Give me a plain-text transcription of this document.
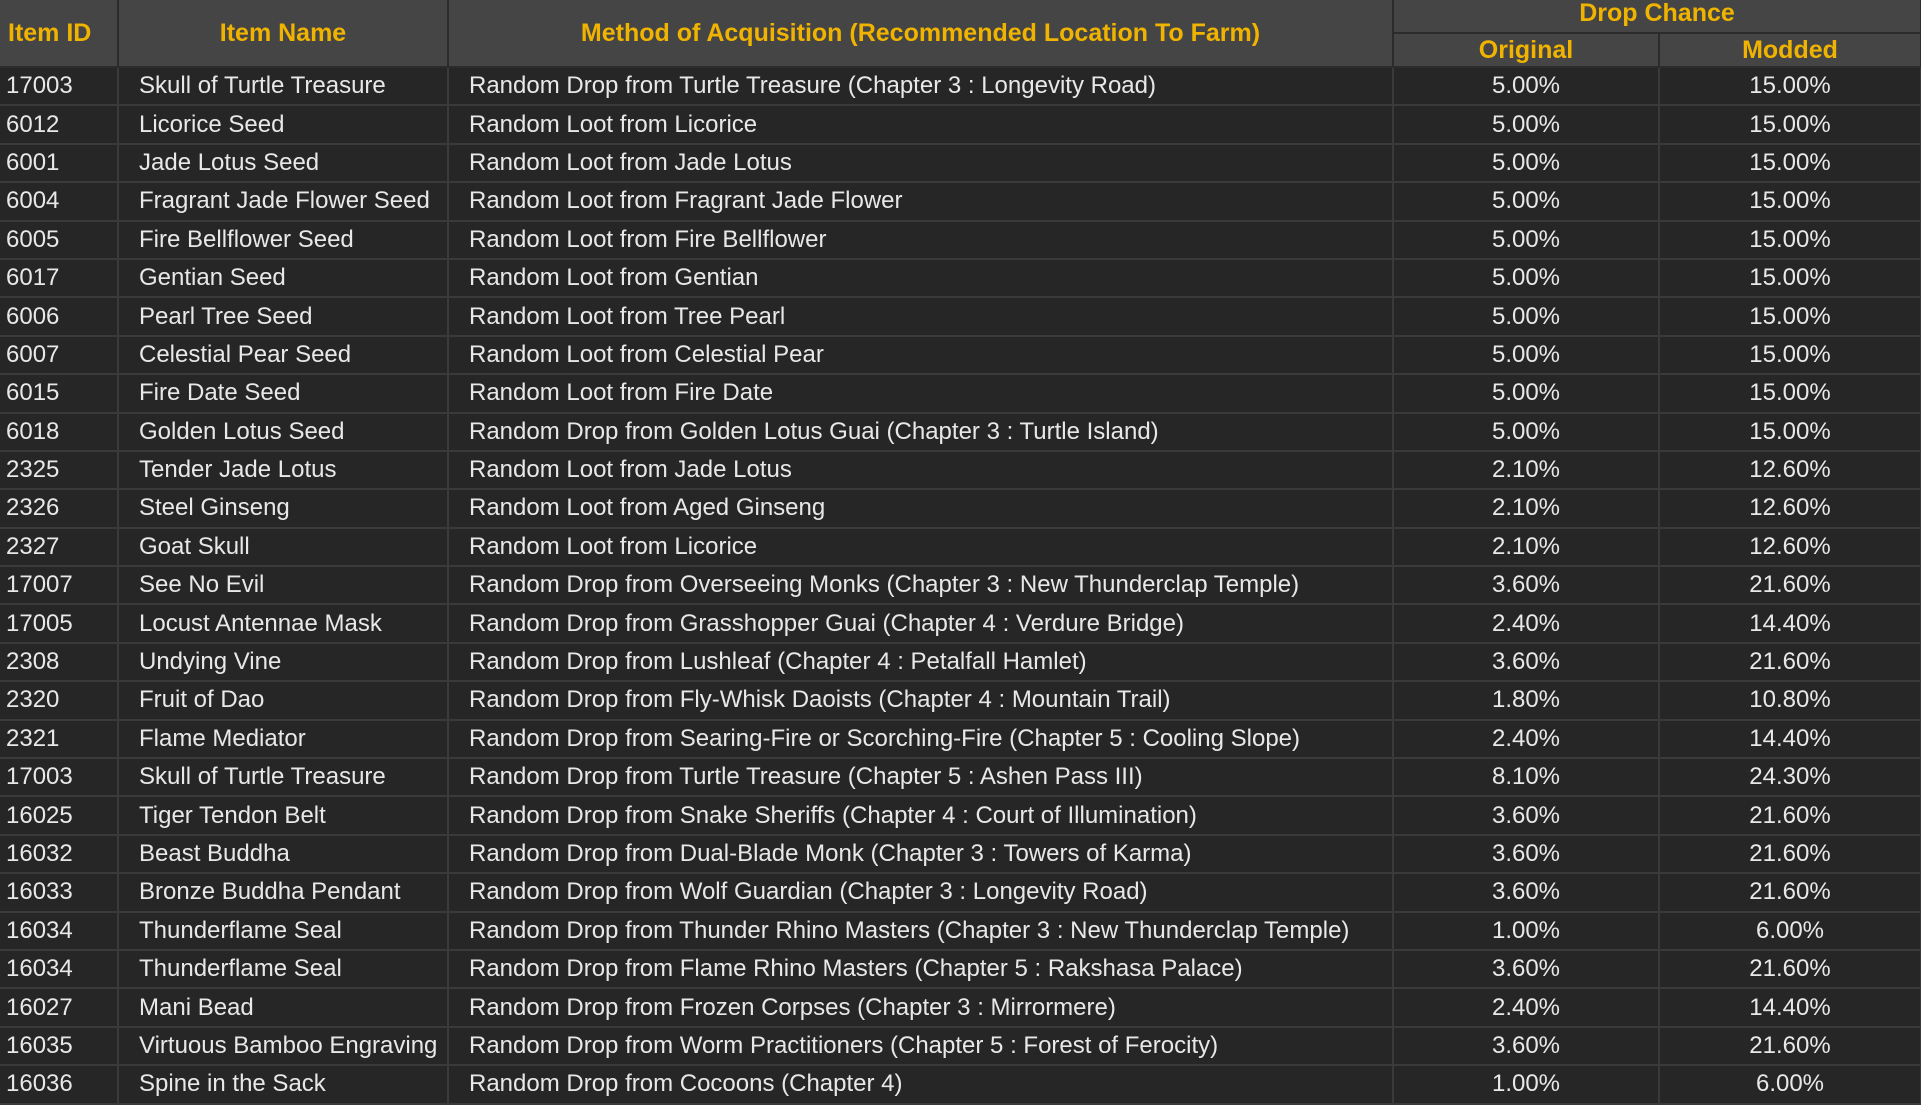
Item ID	Item Name	Method of Acquisition (Recommended Location To Farm)	Drop Chance	
			Original	Modded
17003	Skull of Turtle Treasure	Random Drop from Turtle Treasure (Chapter 3 : Longevity Road)	5.00%	15.00%
6012	Licorice Seed	Random Loot from Licorice	5.00%	15.00%
6001	Jade Lotus Seed	Random Loot from Jade Lotus	5.00%	15.00%
6004	Fragrant Jade Flower Seed	Random Loot from Fragrant Jade Flower	5.00%	15.00%
6005	Fire Bellflower Seed	Random Loot from Fire Bellflower	5.00%	15.00%
6017	Gentian Seed	Random Loot from Gentian	5.00%	15.00%
6006	Pearl Tree Seed	Random Loot from Tree Pearl	5.00%	15.00%
6007	Celestial Pear Seed	Random Loot from Celestial Pear	5.00%	15.00%
6015	Fire Date Seed	Random Loot from Fire Date	5.00%	15.00%
6018	Golden Lotus Seed	Random Drop from Golden Lotus Guai (Chapter 3 : Turtle Island)	5.00%	15.00%
2325	Tender Jade Lotus	Random Loot from Jade Lotus	2.10%	12.60%
2326	Steel Ginseng	Random Loot from Aged Ginseng	2.10%	12.60%
2327	Goat Skull	Random Loot from Licorice	2.10%	12.60%
17007	See No Evil	Random Drop from Overseeing Monks (Chapter 3 : New Thunderclap Temple)	3.60%	21.60%
17005	Locust Antennae Mask	Random Drop from Grasshopper Guai (Chapter 4 : Verdure Bridge)	2.40%	14.40%
2308	Undying Vine	Random Drop from Lushleaf (Chapter 4 : Petalfall Hamlet)	3.60%	21.60%
2320	Fruit of Dao	Random Drop from Fly-Whisk Daoists (Chapter 4 : Mountain Trail)	1.80%	10.80%
2321	Flame Mediator	Random Drop from Searing-Fire or Scorching-Fire (Chapter 5 : Cooling Slope)	2.40%	14.40%
17003	Skull of Turtle Treasure	Random Drop from Turtle Treasure (Chapter 5 : Ashen Pass III)	8.10%	24.30%
16025	Tiger Tendon Belt	Random Drop from Snake Sheriffs (Chapter 4 : Court of Illumination)	3.60%	21.60%
16032	Beast Buddha	Random Drop from Dual-Blade Monk (Chapter 3 : Towers of Karma)	3.60%	21.60%
16033	Bronze Buddha Pendant	Random Drop from Wolf Guardian (Chapter 3 : Longevity Road)	3.60%	21.60%
16034	Thunderflame Seal	Random Drop from Thunder Rhino Masters (Chapter 3 : New Thunderclap Temple)	1.00%	6.00%
16034	Thunderflame Seal	Random Drop from Flame Rhino Masters (Chapter 5 : Rakshasa Palace)	3.60%	21.60%
16027	Mani Bead	Random Drop from Frozen Corpses (Chapter 3 : Mirrormere)	2.40%	14.40%
16035	Virtuous Bamboo Engraving	Random Drop from Worm Practitioners (Chapter 5 : Forest of Ferocity)	3.60%	21.60%
16036	Spine in the Sack	Random Drop from Cocoons (Chapter 4)	1.00%	6.00%
